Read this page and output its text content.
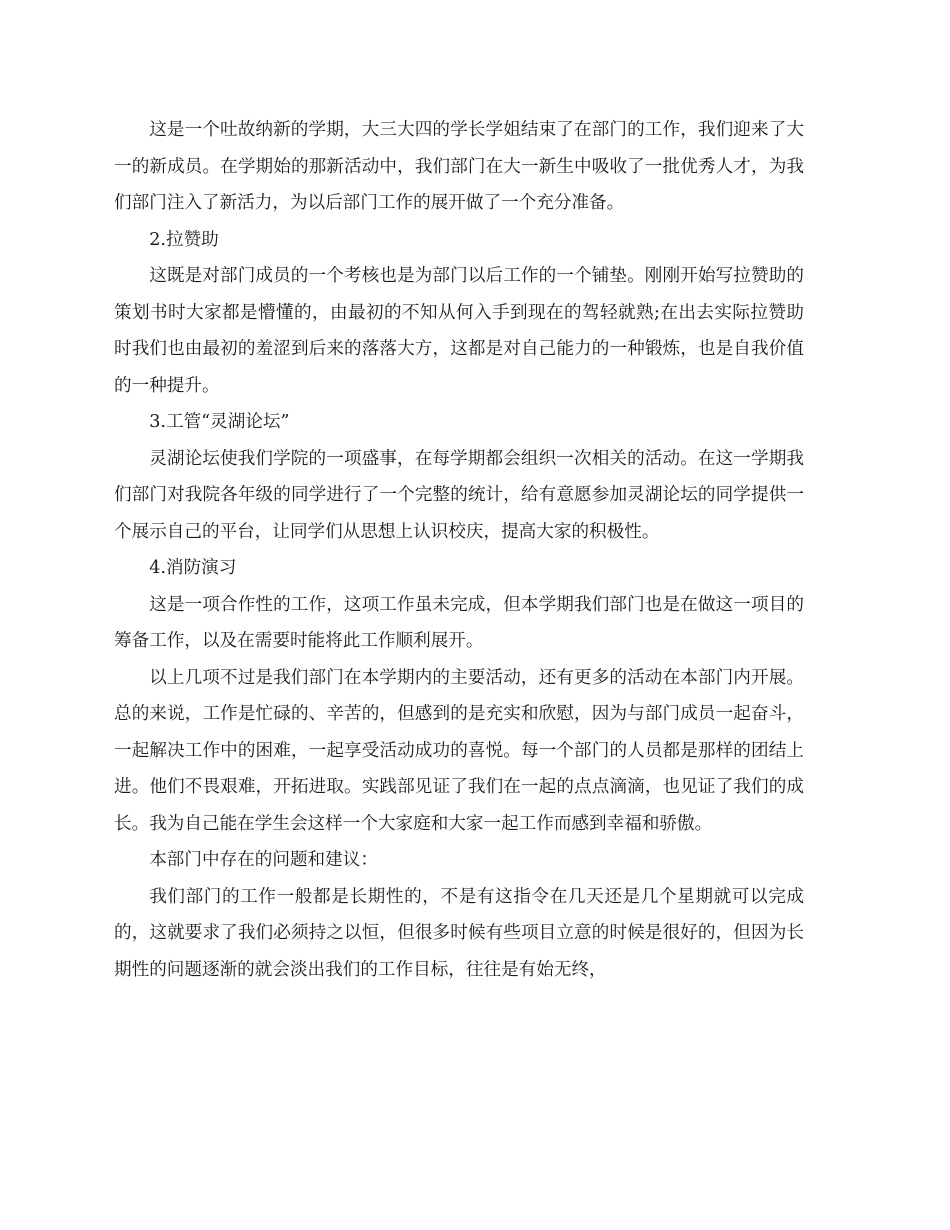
这是一个吐故纳新的学期，大三大四的学长学姐结束了在部门的工作，我们迎来了大一的新成员。在学期始的那新活动中，我们部门在大一新生中吸收了一批优秀人才，为我们部门注入了新活力，为以后部门工作的展开做了一个充分准备。

2.拉赞助

这既是对部门成员的一个考核也是为部门以后工作的一个铺垫。刚刚开始写拉赞助的策划书时大家都是懵懂的，由最初的不知从何入手到现在的驾轻就熟;在出去实际拉赞助时我们也由最初的羞涩到后来的落落大方，这都是对自己能力的一种锻炼，也是自我价值的一种提升。

3.工管“灵湖论坛”

灵湖论坛使我们学院的一项盛事，在每学期都会组织一次相关的活动。在这一学期我们部门对我院各年级的同学进行了一个完整的统计，给有意愿参加灵湖论坛的同学提供一个展示自己的平台，让同学们从思想上认识校庆，提高大家的积极性。

4.消防演习

这是一项合作性的工作，这项工作虽未完成，但本学期我们部门也是在做这一项目的筹备工作，以及在需要时能将此工作顺利展开。

以上几项不过是我们部门在本学期内的主要活动，还有更多的活动在本部门内开展。总的来说，工作是忙碌的、辛苦的，但感到的是充实和欣慰，因为与部门成员一起奋斗，一起解决工作中的困难，一起享受活动成功的喜悦。每一个部门的人员都是那样的团结上进。他们不畏艰难，开拓进取。实践部见证了我们在一起的点点滴滴，也见证了我们的成长。我为自己能在学生会这样一个大家庭和大家一起工作而感到幸福和骄傲。

本部门中存在的问题和建议：

我们部门的工作一般都是长期性的，不是有这指令在几天还是几个星期就可以完成的，这就要求了我们必须持之以恒，但很多时候有些项目立意的时候是很好的，但因为长期性的问题逐渐的就会淡出我们的工作目标，往往是有始无终，
